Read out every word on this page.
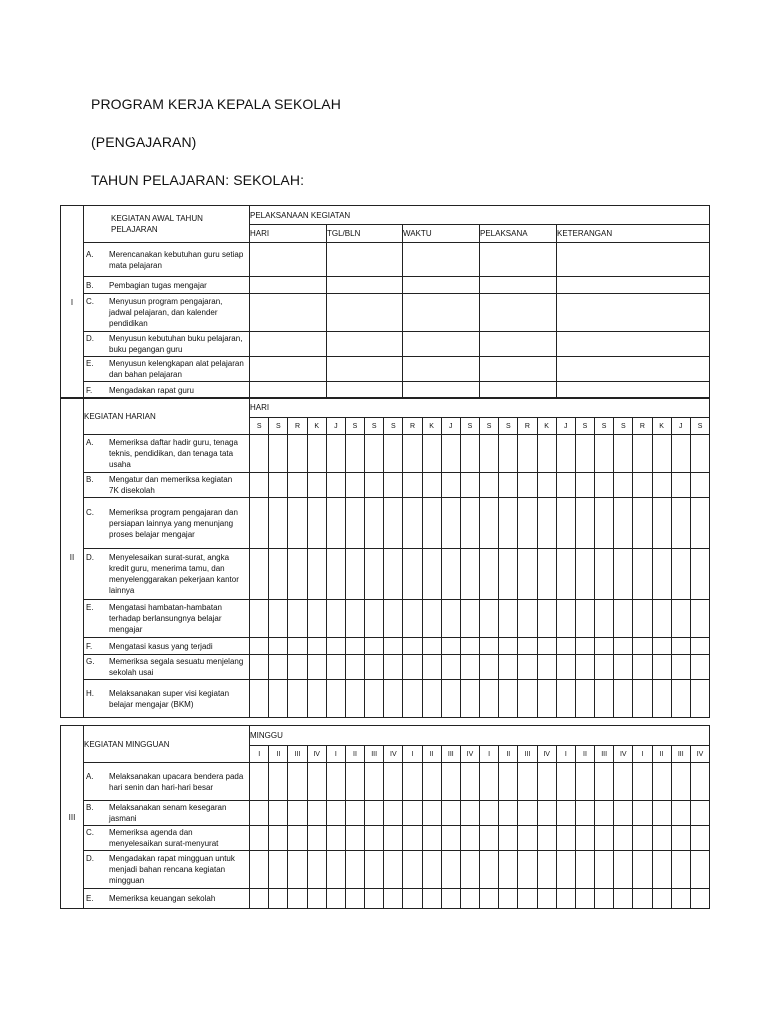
PROGRAM KERJA KEPALA SEKOLAH
(PENGAJARAN)
TAHUN PELAJARAN: SEKOLAH:
I	KEGIATAN AWAL TAHUN PELAJARAN	PELAKSANAAN KEGIATAN				
		HARI	TGL/BLN	WAKTU	PELAKSANA	KETERANGAN
	A. Merencanakan kebutuhan guru setiap mata pelajaran					
	B. Pembagian tugas mengajar					
	C. Menyusun program pengajaran, jadwal pelajaran, dan kalender pendidikan					
	D. Menyusun kebutuhan buku pelajaran, buku pegangan guru					
	E. Menyusun kelengkapan alat pelajaran dan bahan pelajaran					
	F. Mengadakan rapat guru					
II	KEGIATAN HARIAN	HARI																							
		S	S	R	K	J	S	S	S	R	K	J	S	S	S	R	K	J	S	S	S	R	K	J	S
	A. Memeriksa daftar hadir guru, tenaga teknis, pendidikan, dan tenaga tata usaha																								
	B. Mengatur dan memeriksa kegiatan 7K disekolah																								
	C. Memeriksa program pengajaran dan persiapan lainnya yang menunjang proses belajar mengajar																								
	D. Menyelesaikan surat-surat, angka kredit guru, menerima tamu, dan menyelenggarakan pekerjaan kantor lainnya																								
	E. Mengatasi hambatan-hambatan terhadap berlansungnya belajar mengajar																								
	F. Mengatasi kasus yang terjadi																								
	G. Memeriksa segala sesuatu menjelang sekolah usai																								
	H. Melaksanakan super visi kegiatan belajar mengajar (BKM)																								
III	KEGIATAN MINGGUAN	MINGGU																							
		I	II	III	IV	I	II	III	IV	I	II	III	IV	I	II	III	IV	I	II	III	IV	I	II	III	IV
	A. Melaksanakan upacara bendera pada hari senin dan hari-hari besar																								
	B. Melaksanakan senam kesegaran jasmani																								
	C. Memeriksa agenda dan menyelesaikan surat-menyurat																								
	D. Mengadakan rapat mingguan untuk menjadi bahan rencana kegiatan mingguan																								
	E. Memeriksa keuangan sekolah																								
